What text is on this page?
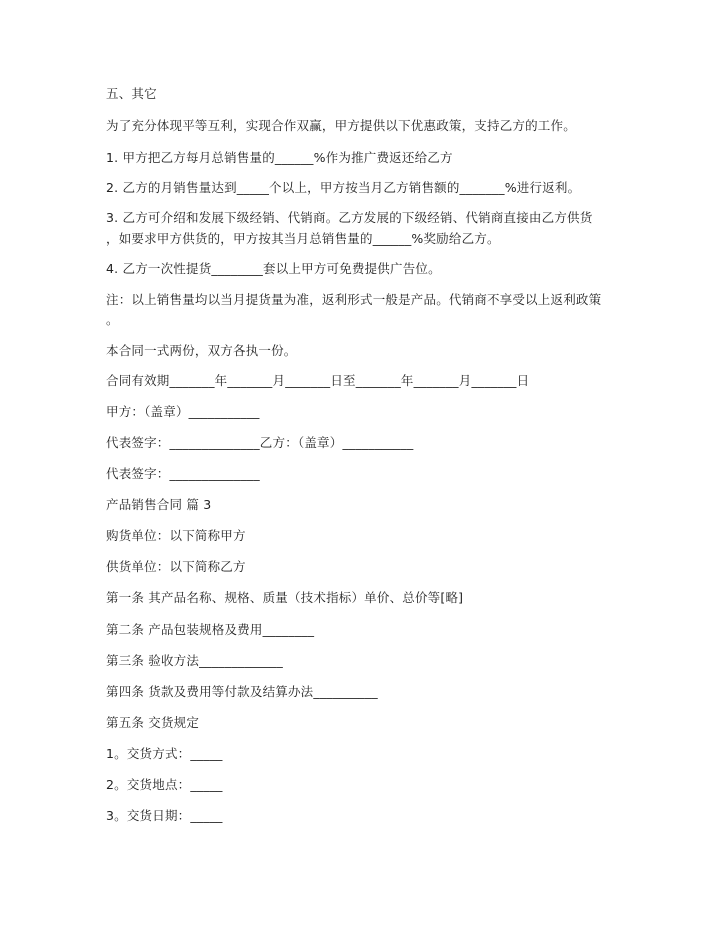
五、其它
为了充分体现平等互利，实现合作双赢，甲方提供以下优惠政策，支持乙方的工作。
1. 甲方把乙方每月总销售量的______%作为推广费返还给乙方
2. 乙方的月销售量达到_____个以上，甲方按当月乙方销售额的_______%进行返利。
3. 乙方可介绍和发展下级经销、代销商。乙方发展的下级经销、代销商直接由乙方供货
，如要求甲方供货的，甲方按其当月总销售量的______%奖励给乙方。
4. 乙方一次性提货________套以上甲方可免费提供广告位。
注：以上销售量均以当月提货量为准，返利形式一般是产品。代销商不享受以上返利政策
。
本合同一式两份，双方各执一份。
合同有效期_______年_______月_______日至_______年_______月_______日
甲方：（盖章）___________
代表签字：______________乙方：（盖章）___________
代表签字：______________
产品销售合同 篇 3
购货单位：以下简称甲方
供货单位：以下简称乙方
第一条 其产品名称、规格、质量（技术指标）单价、总价等[略]
第二条 产品包装规格及费用________
第三条 验收方法_____________
第四条 货款及费用等付款及结算办法__________
第五条 交货规定
1。交货方式：_____
2。交货地点：_____
3。交货日期：_____
